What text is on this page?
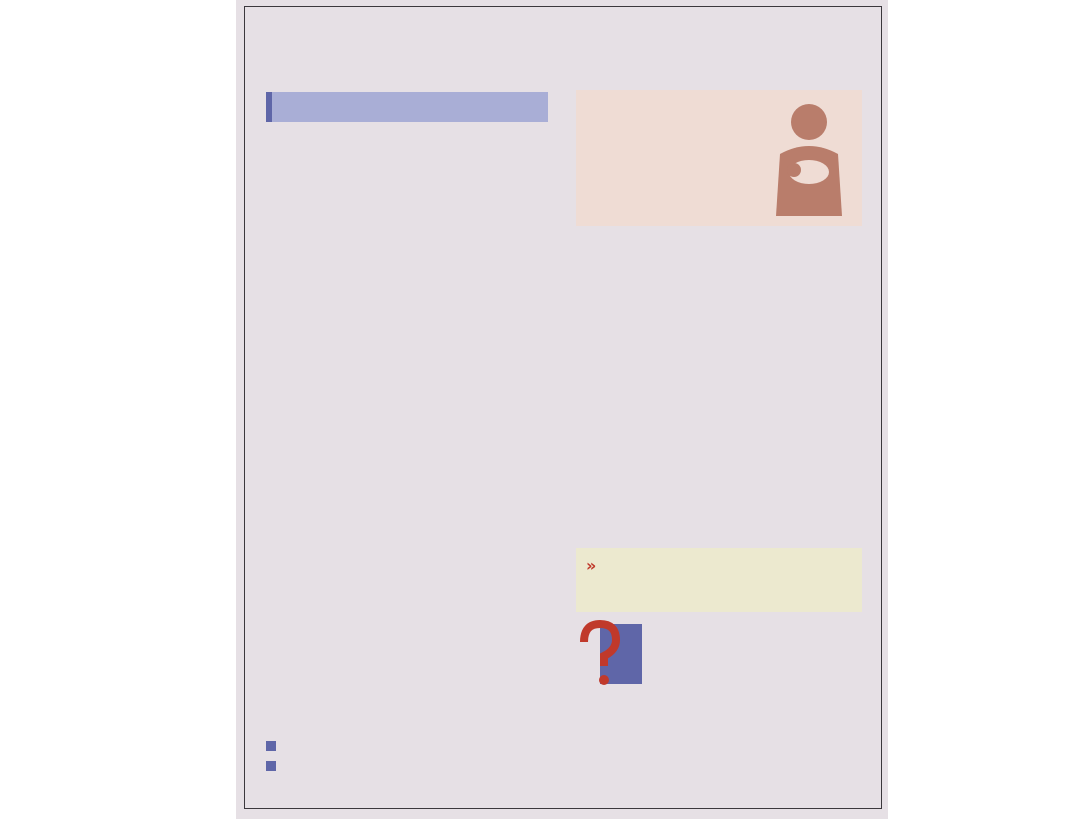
»
